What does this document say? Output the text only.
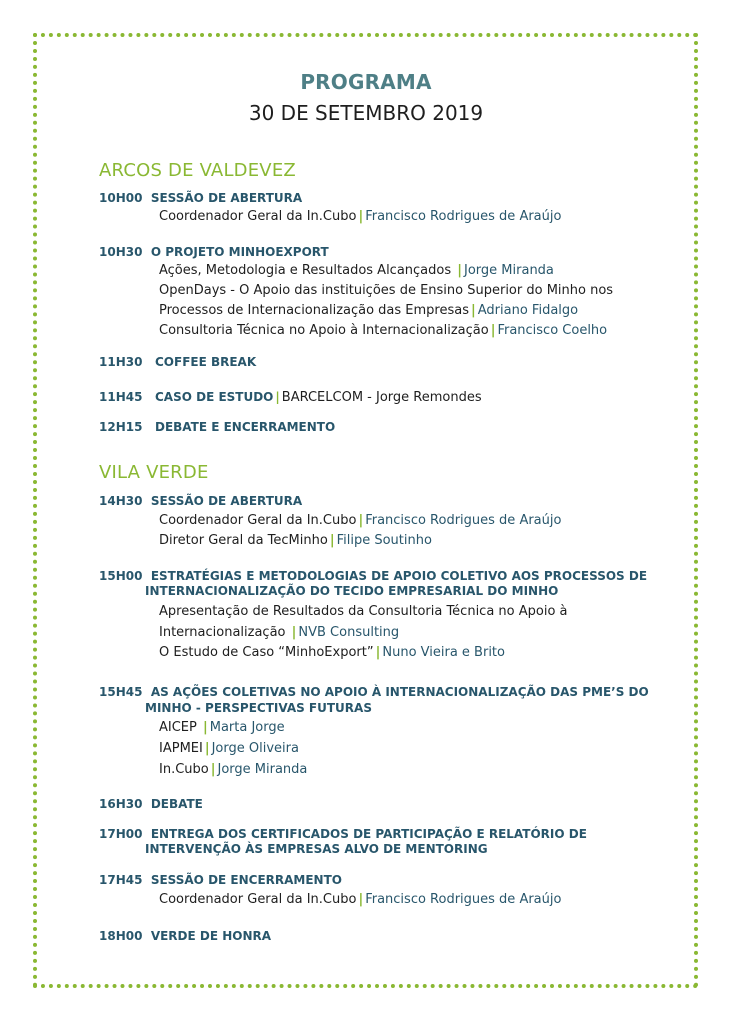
PROGRAMA
30 DE SETEMBRO 2019
ARCOS DE VALDEVEZ
10H00 SESSÃO DE ABERTURA
Coordenador Geral da In.Cubo | Francisco Rodrigues de Araújo
10H30 O PROJETO MINHOEXPORT
Ações, Metodologia e Resultados Alcançados | Jorge Miranda
OpenDays - O Apoio das instituições de Ensino Superior do Minho nos
Processos de Internacionalização das Empresas | Adriano Fidalgo
Consultoria Técnica no Apoio à Internacionalização | Francisco Coelho
11H30 COFFEE BREAK
11H45 CASO DE ESTUDO | BARCELCOM - Jorge Remondes
12H15 DEBATE E ENCERRAMENTO
VILA VERDE
14H30 SESSÃO DE ABERTURA
Coordenador Geral da In.Cubo | Francisco Rodrigues de Araújo
Diretor Geral da TecMinho | Filipe Soutinho
15H00 ESTRATÉGIAS E METODOLOGIAS DE APOIO COLETIVO AOS PROCESSOS DE
INTERNACIONALIZAÇÃO DO TECIDO EMPRESARIAL DO MINHO
Apresentação de Resultados da Consultoria Técnica no Apoio à
Internacionalização | NVB Consulting
O Estudo de Caso “MinhoExport” | Nuno Vieira e Brito
15H45 AS AÇÕES COLETIVAS NO APOIO À INTERNACIONALIZAÇÃO DAS PME’S DO
MINHO - PERSPECTIVAS FUTURAS
AICEP | Marta Jorge
IAPMEI | Jorge Oliveira
In.Cubo | Jorge Miranda
16H30 DEBATE
17H00 ENTREGA DOS CERTIFICADOS DE PARTICIPAÇÃO E RELATÓRIO DE
INTERVENÇÃO ÀS EMPRESAS ALVO DE MENTORING
17H45 SESSÃO DE ENCERRAMENTO
Coordenador Geral da In.Cubo | Francisco Rodrigues de Araújo
18H00 VERDE DE HONRA
